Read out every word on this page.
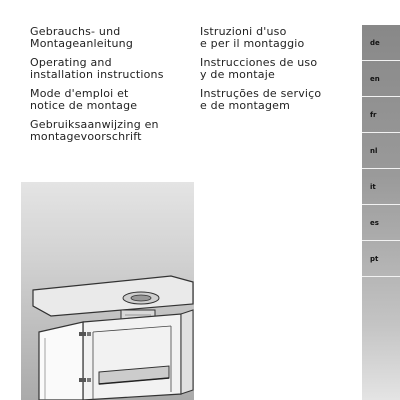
Gebrauchs- und
Montageanleitung
Operating and
installation instructions
Mode d'emploi et
notice de montage
Gebruiksaanwijzing en
montagevoorschrift
Istruzioni d'uso
e per il montaggio
Instrucciones de uso
y de montaje
Instruções de serviço
e de montagem
de
en
fr
nl
it
es
pt
